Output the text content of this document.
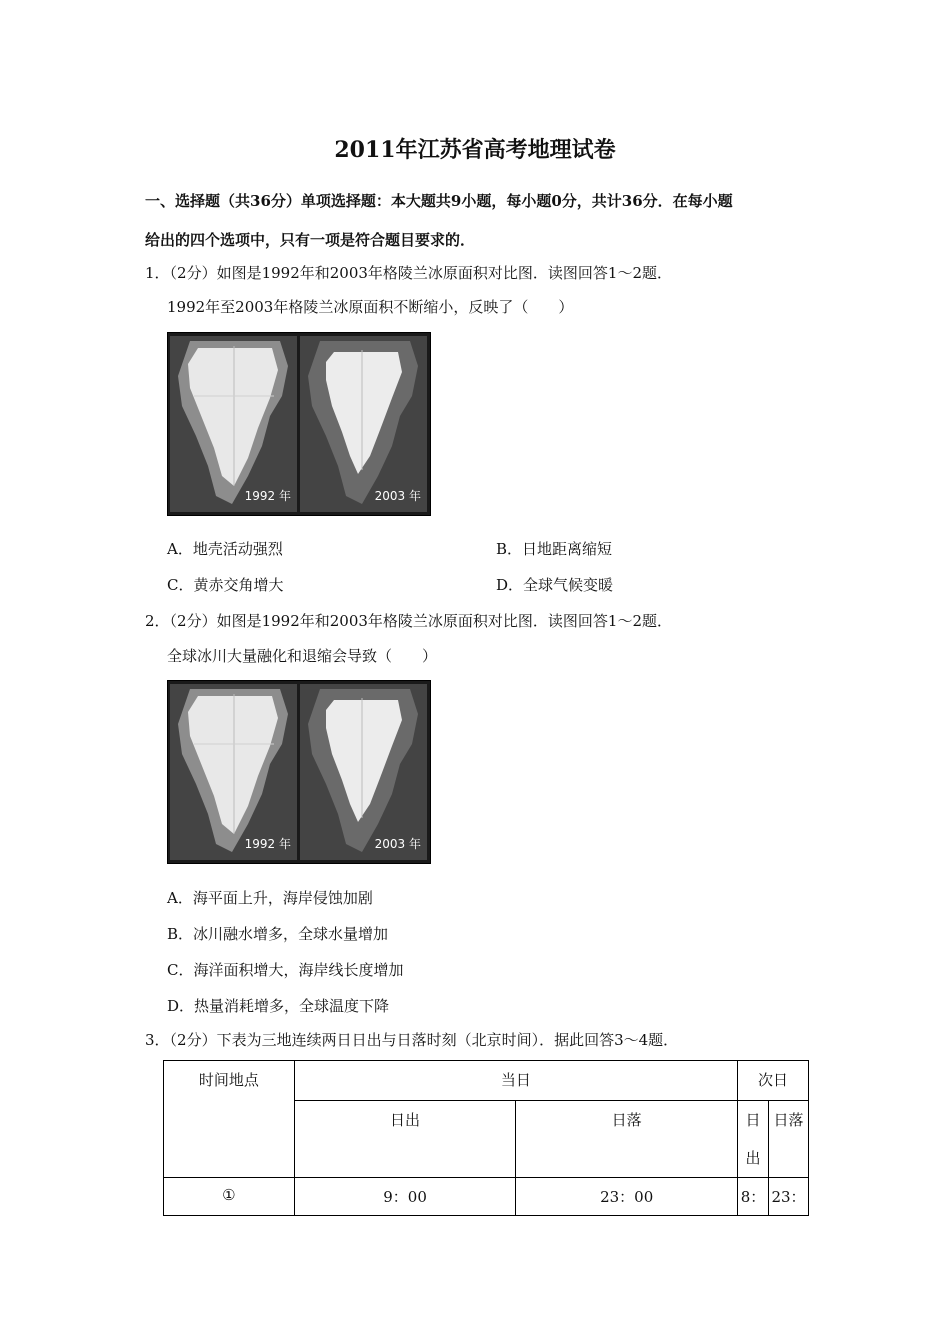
2011年江苏省高考地理试卷
一、选择题（共36分）单项选择题：本大题共9小题，每小题0分，共计36分．在每小题
给出的四个选项中，只有一项是符合题目要求的．
1．（2分）如图是1992年和2003年格陵兰冰原面积对比图．读图回答1～2题．
1992年至2003年格陵兰冰原面积不断缩小，反映了（　　）
1992 年	2003 年
A．地壳活动强烈	B．日地距离缩短
C．黄赤交角增大	D．全球气候变暖
2．（2分）如图是1992年和2003年格陵兰冰原面积对比图．读图回答1～2题．
全球冰川大量融化和退缩会导致（　　）
1992 年	2003 年
A．海平面上升，海岸侵蚀加剧
B．冰川融水增多，全球水量增加
C．海洋面积增大，海岸线长度增加
D．热量消耗增多，全球温度下降
3．（2分）下表为三地连续两日日出与日落时刻（北京时间）．据此回答3～4题．
时间地点	当日		次日	
	日出	日落	日出	日落
①	9：00	23：00	8：	23：
